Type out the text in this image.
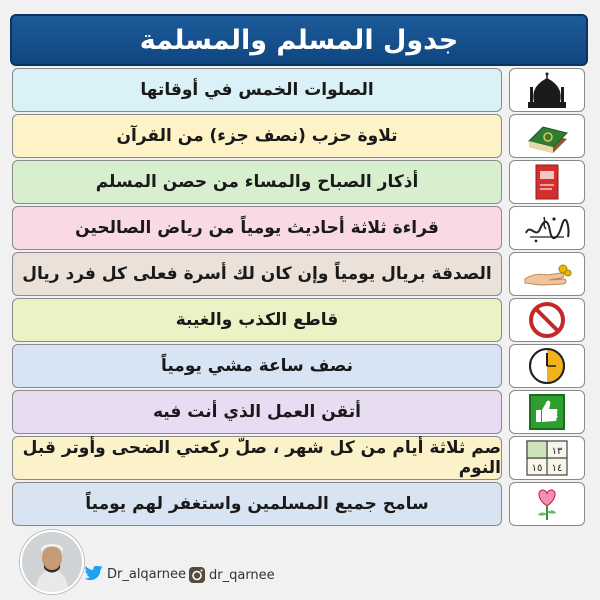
جدول المسلم والمسلمة
الصلوات الخمس في أوقاتها
تلاوة حزب (نصف جزء) من القرآن
أذكار الصباح والمساء من حصن المسلم
قراءة ثلاثة أحاديث يومياً من رياض الصالحين
الصدقة بريال يومياً وإن كان لك أسرة فعلى كل فرد ريال
قاطع الكذب والغيبة
نصف ساعة مشي يومياً
أتقن العمل الذي أنت فيه
صم ثلاثة أيام من كل شهر ، صلّ ركعتي الضحى وأوتر قبل النوم
١٣
١٤
١٥
سامح جميع المسلمين واستغفر لهم يومياً
Dr_alqarnee dr_qarnee
